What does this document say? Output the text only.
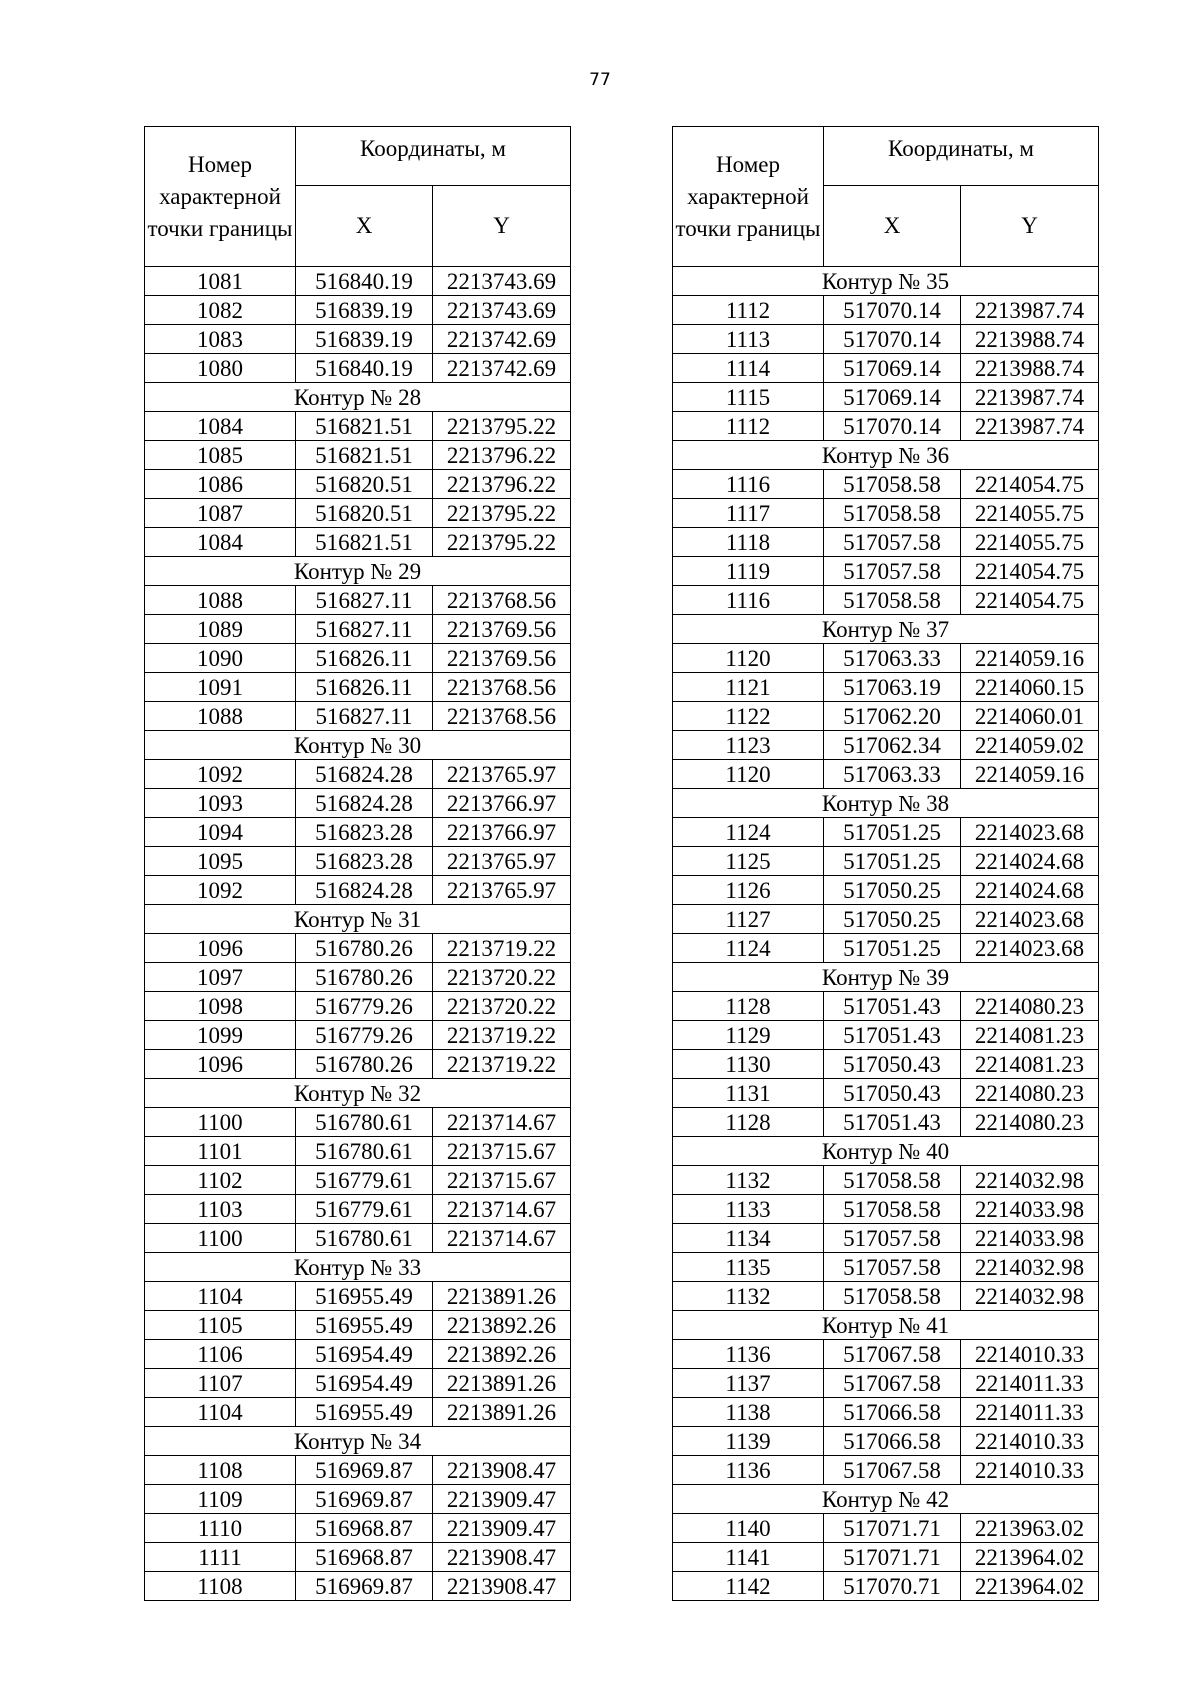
77
Номер характерной точки границы	Координаты, м	
	X	Y
1081	516840.19	2213743.69
1082	516839.19	2213743.69
1083	516839.19	2213742.69
1080	516840.19	2213742.69
Контур № 28		
1084	516821.51	2213795.22
1085	516821.51	2213796.22
1086	516820.51	2213796.22
1087	516820.51	2213795.22
1084	516821.51	2213795.22
Контур № 29		
1088	516827.11	2213768.56
1089	516827.11	2213769.56
1090	516826.11	2213769.56
1091	516826.11	2213768.56
1088	516827.11	2213768.56
Контур № 30		
1092	516824.28	2213765.97
1093	516824.28	2213766.97
1094	516823.28	2213766.97
1095	516823.28	2213765.97
1092	516824.28	2213765.97
Контур № 31		
1096	516780.26	2213719.22
1097	516780.26	2213720.22
1098	516779.26	2213720.22
1099	516779.26	2213719.22
1096	516780.26	2213719.22
Контур № 32		
1100	516780.61	2213714.67
1101	516780.61	2213715.67
1102	516779.61	2213715.67
1103	516779.61	2213714.67
1100	516780.61	2213714.67
Контур № 33		
1104	516955.49	2213891.26
1105	516955.49	2213892.26
1106	516954.49	2213892.26
1107	516954.49	2213891.26
1104	516955.49	2213891.26
Контур № 34		
1108	516969.87	2213908.47
1109	516969.87	2213909.47
1110	516968.87	2213909.47
1111	516968.87	2213908.47
1108	516969.87	2213908.47
Номер характерной точки границы	Координаты, м	
	X	Y
Контур № 35		
1112	517070.14	2213987.74
1113	517070.14	2213988.74
1114	517069.14	2213988.74
1115	517069.14	2213987.74
1112	517070.14	2213987.74
Контур № 36		
1116	517058.58	2214054.75
1117	517058.58	2214055.75
1118	517057.58	2214055.75
1119	517057.58	2214054.75
1116	517058.58	2214054.75
Контур № 37		
1120	517063.33	2214059.16
1121	517063.19	2214060.15
1122	517062.20	2214060.01
1123	517062.34	2214059.02
1120	517063.33	2214059.16
Контур № 38		
1124	517051.25	2214023.68
1125	517051.25	2214024.68
1126	517050.25	2214024.68
1127	517050.25	2214023.68
1124	517051.25	2214023.68
Контур № 39		
1128	517051.43	2214080.23
1129	517051.43	2214081.23
1130	517050.43	2214081.23
1131	517050.43	2214080.23
1128	517051.43	2214080.23
Контур № 40		
1132	517058.58	2214032.98
1133	517058.58	2214033.98
1134	517057.58	2214033.98
1135	517057.58	2214032.98
1132	517058.58	2214032.98
Контур № 41		
1136	517067.58	2214010.33
1137	517067.58	2214011.33
1138	517066.58	2214011.33
1139	517066.58	2214010.33
1136	517067.58	2214010.33
Контур № 42		
1140	517071.71	2213963.02
1141	517071.71	2213964.02
1142	517070.71	2213964.02
